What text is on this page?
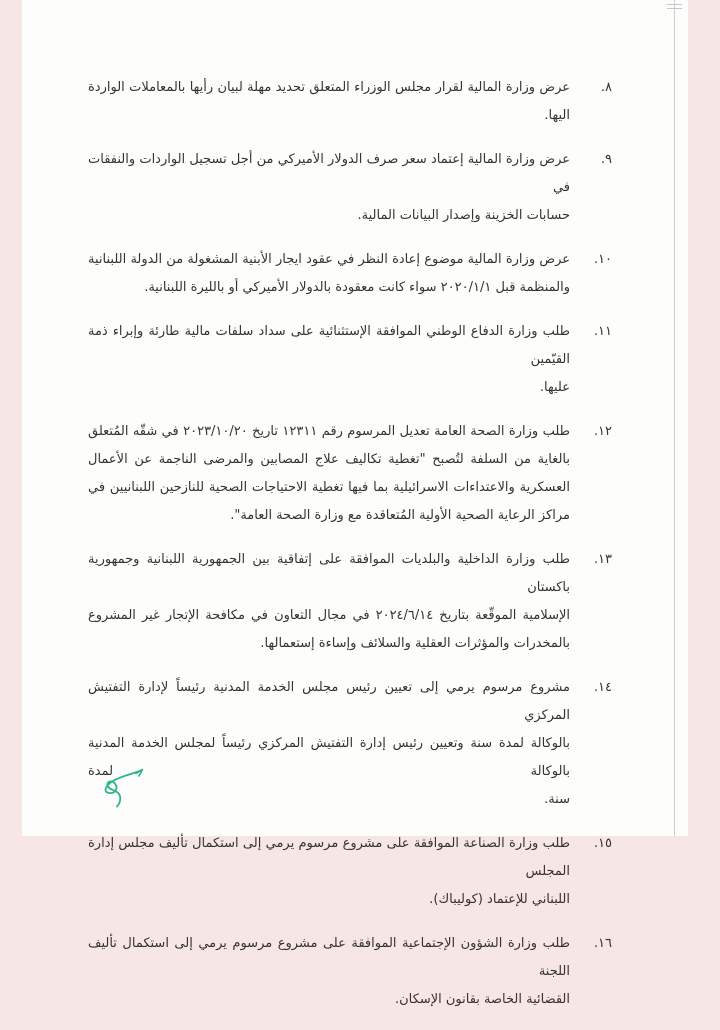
٨.
عرض وزارة المالية لقرار مجلس الوزراء المتعلق تحديد مهلة لبيان رأيها بالمعاملات الواردة اليها.
٩.
عرض وزارة المالية إعتماد سعر صرف الدولار الأميركي من أجل تسجيل الواردات والنفقات في
حسابات الخزينة وإصدار البيانات المالية.
١٠.
عرض وزارة المالية موضوع إعادة النظر في عقود ايجار الأبنية المشغولة من الدولة اللبنانية
والمنظمة قبل ٢٠٢٠/١/١ سواء كانت معقودة بالدولار الأميركي أو بالليرة اللبنانية.
١١.
طلب وزارة الدفاع الوطني الموافقة الإستثنائية على سداد سلفات مالية طارئة وإبراء ذمة القيّمين
عليها.
١٢.
طلب وزارة الصحة العامة تعديل المرسوم رقم ١٢٣١١ تاريخ ٢٠٢٣/١٠/٢٠ في شقّه المُتعلق
بالغاية من السلفة لتُصبح "تغطية تكاليف علاج المصابين والمرضى الناجمة عن الأعمال
العسكرية والاعتداءات الاسرائيلية بما فيها تغطية الاحتياجات الصحية للنازحين اللبنانيين في
مراكز الرعاية الصحية الأولية المُتعاقدة مع وزارة الصحة العامة".
١٣.
طلب وزارة الداخلية والبلديات الموافقة على إتفاقية بين الجمهورية اللبنانية وجمهورية باكستان
الإسلامية الموقّعة بتاريخ ٢٠٢٤/٦/١٤ في مجال التعاون في مكافحة الإتجار غير المشروع
بالمخدرات والمؤثرات العقلية والسلائف وإساءة إستعمالها.
١٤.
مشروع مرسوم يرمي إلى تعيين رئيس مجلس الخدمة المدنية رئيساً لإدارة التفتيش المركزي
بالوكالة لمدة سنة وتعيين رئيس إدارة التفتيش المركزي رئيساً لمجلس الخدمة المدنية بالوكالة لمدة
سنة.
١٥.
طلب وزارة الصناعة الموافقة على مشروع مرسوم يرمي إلى استكمال تأليف مجلس إدارة المجلس
اللبناني للإعتماد (كوليباك).
١٦.
طلب وزارة الشؤون الإجتماعية الموافقة على مشروع مرسوم يرمي إلى استكمال تأليف اللجنة
القضائية الخاصة بقانون الإسكان.
